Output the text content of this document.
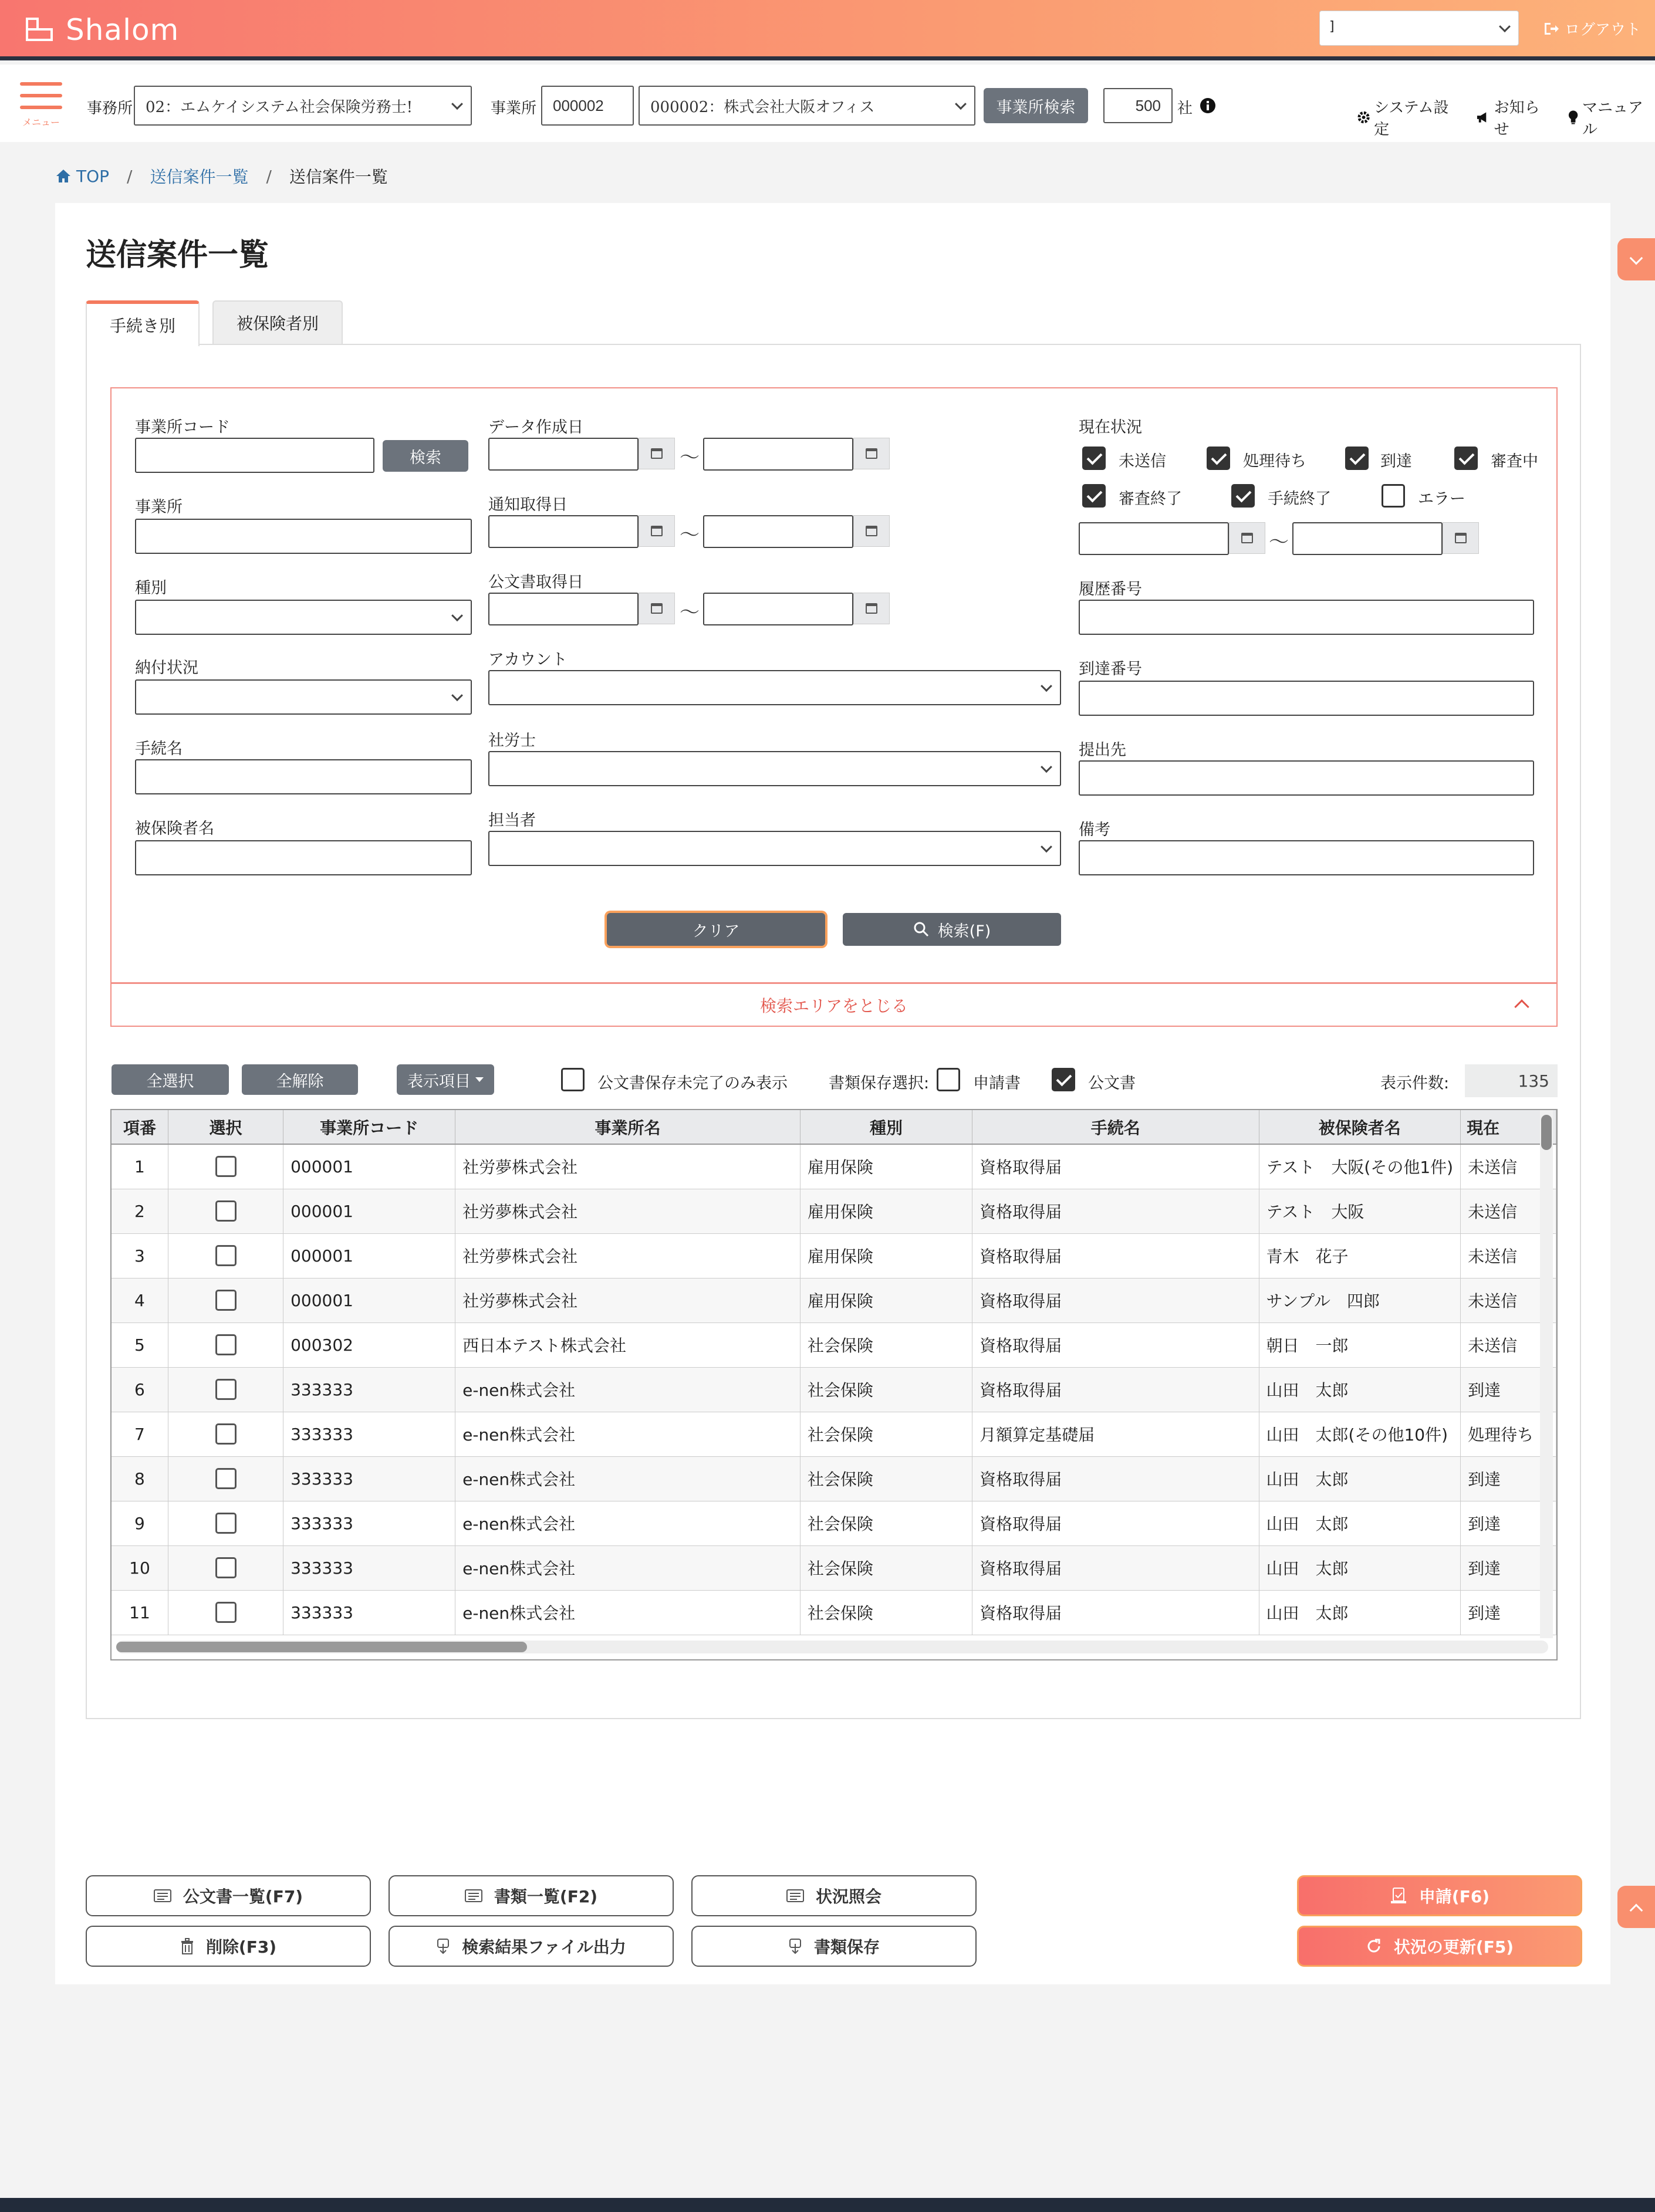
Shalom	]	ログアウト
メニュー
事務所 02：エムケイシステム社会保険労務士!	事業所 000002	000002：株式会社大阪オフィス	事業所検索	500 社	システム設定
お知らせ
マニュアル
TOP / 送信案件一覧 / 送信案件一覧
送信案件一覧
手続き別	被保険者別
事業所コード
検索
事業所
種別
納付状況
手続名
被保険者名
データ作成日
〜
通知取得日
〜
公文書取得日
〜
アカウント
社労士
担当者
現在状況
未送信	処理待ち	到達	審査中
審査終了	手続終了	エラー
〜
履歴番号
到達番号
提出先
備考
クリア	検索(F)
検索エリアをとじる
全選択	全解除	表示項目	公文書保存未完了のみ表示	書類保存選択:	申請書	公文書	表示件数:	135
項番	選択	事業所コード	事業所名	種別	手続名	被保険者名	現在
1		000001	社労夢株式会社	雇用保険	資格取得届	テスト　大阪(その他1件)	未送信
2		000001	社労夢株式会社	雇用保険	資格取得届	テスト　大阪	未送信
3		000001	社労夢株式会社	雇用保険	資格取得届	青木　花子	未送信
4		000001	社労夢株式会社	雇用保険	資格取得届	サンプル　四郎	未送信
5		000302	西日本テスト株式会社	社会保険	資格取得届	朝日　一郎	未送信
6		333333	e-nen株式会社	社会保険	資格取得届	山田　太郎	到達
7		333333	e-nen株式会社	社会保険	月額算定基礎届	山田　太郎(その他10件)	処理待ち
8		333333	e-nen株式会社	社会保険	資格取得届	山田　太郎	到達
9		333333	e-nen株式会社	社会保険	資格取得届	山田　太郎	到達
10		333333	e-nen株式会社	社会保険	資格取得届	山田　太郎	到達
11		333333	e-nen株式会社	社会保険	資格取得届	山田　太郎	到達
公文書一覧(F7)	書類一覧(F2)	状況照会
削除(F3)	検索結果ファイル出力	書類保存
申請(F6)
状況の更新(F5)
